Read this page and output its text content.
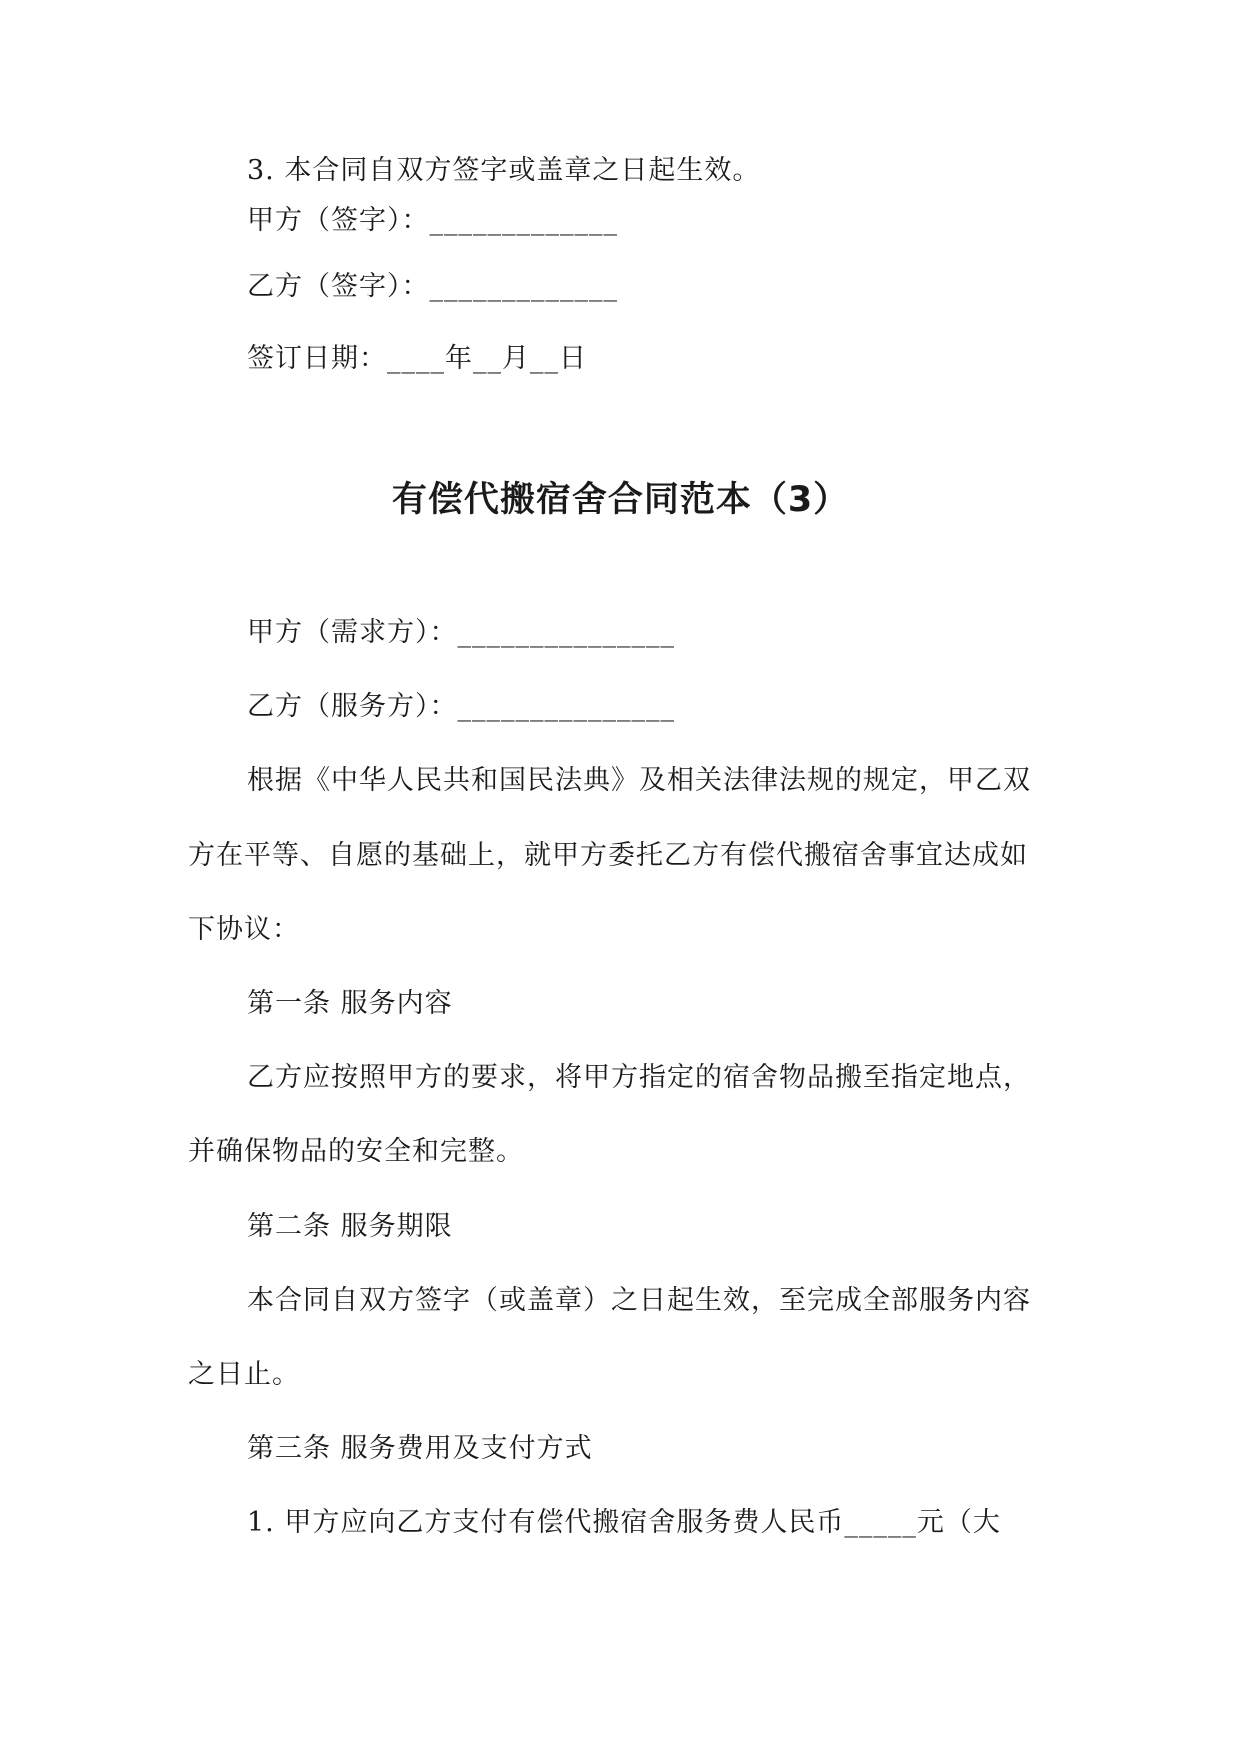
3. 本合同自双方签字或盖章之日起生效。
甲方（签字）：_____________
乙方（签字）：_____________
签订日期：____年__月__日
有偿代搬宿舍合同范本（3）
甲方（需求方）：_______________
乙方（服务方）：_______________
根据《中华人民共和国民法典》及相关法律法规的规定，甲乙双
方在平等、自愿的基础上，就甲方委托乙方有偿代搬宿舍事宜达成如
下协议：
第一条 服务内容
乙方应按照甲方的要求，将甲方指定的宿舍物品搬至指定地点，
并确保物品的安全和完整。
第二条 服务期限
本合同自双方签字（或盖章）之日起生效，至完成全部服务内容
之日止。
第三条 服务费用及支付方式
1. 甲方应向乙方支付有偿代搬宿舍服务费人民币_____元（大
